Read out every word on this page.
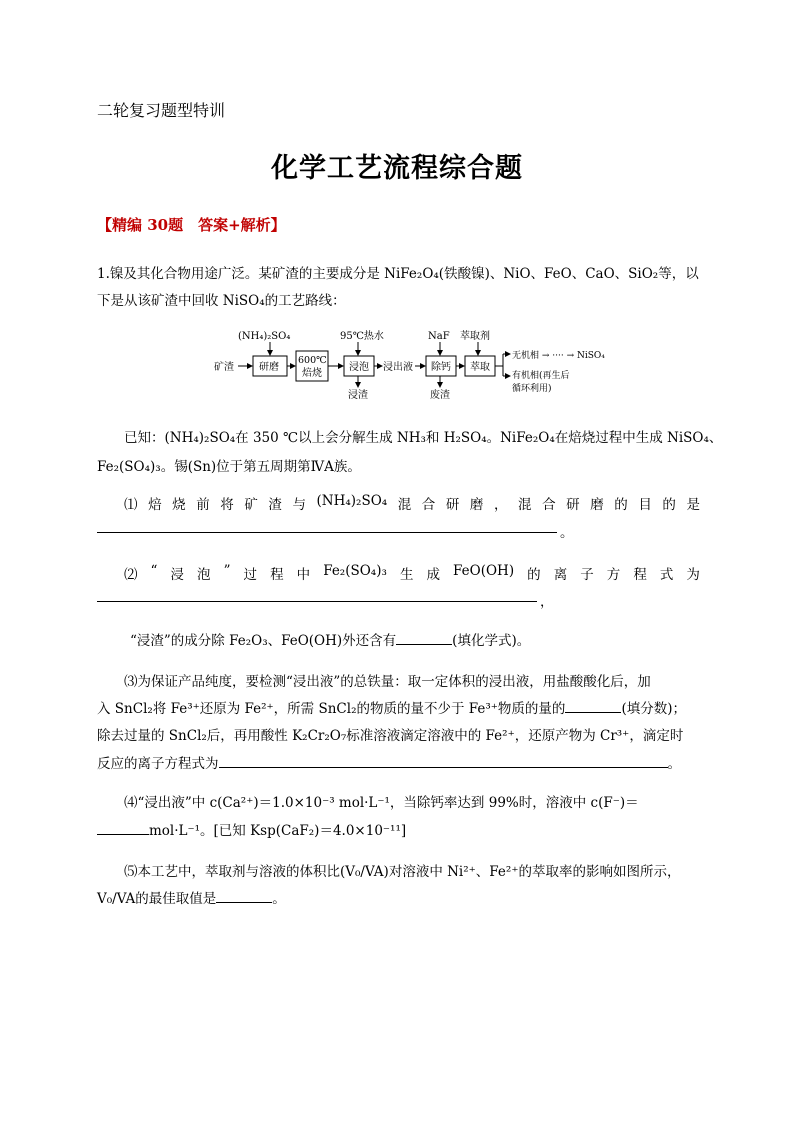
二轮复习题型特训
化学工艺流程综合题
【精编 30题　答案+解析】
1.镍及其化合物用途广泛。某矿渣的主要成分是 NiFe₂O₄(铁酸镍)、NiO、FeO、CaO、SiO₂等，以
下是从该矿渣中回收 NiSO₄的工艺路线：
矿渣	研磨
(NH₄)₂SO₄
600℃
焙烧
95℃热水
浸泡
浸渣
浸出液
NaF
除钙
废渣
萃取剂
萃取
无机相 → ···· → NiSO₄
有机相(再生后
循环利用)
已知：(NH₄)₂SO₄在 350 ℃以上会分解生成 NH₃和 H₂SO₄。NiFe₂O₄在焙烧过程中生成 NiSO₄、
Fe₂(SO₄)₃。锡(Sn)位于第五周期第ⅣA族。
⑴ 焙 烧 前 将 矿 渣 与 (NH₄)₂SO₄ 混 合 研 磨 ， 混 合 研 磨 的 目 的 是
。
⑵ “ 浸 泡 ” 过 程 中 Fe₂(SO₄)₃ 生 成 FeO(OH) 的 离 子 方 程 式 为
，
“浸渣”的成分除 Fe₂O₃、FeO(OH)外还含有	(填化学式)。
⑶为保证产品纯度，要检测“浸出液”的总铁量：取一定体积的浸出液，用盐酸酸化后，加
入 SnCl₂将 Fe³⁺还原为 Fe²⁺，所需 SnCl₂的物质的量不少于 Fe³⁺物质的量的	(填分数)；
除去过量的 SnCl₂后，再用酸性 K₂Cr₂O₇标准溶液滴定溶液中的 Fe²⁺，还原产物为 Cr³⁺，滴定时
反应的离子方程式为	。
⑷“浸出液”中 c(Ca²⁺)＝1.0×10⁻³ mol·L⁻¹，当除钙率达到 99%时，溶液中 c(F⁻)＝
mol·L⁻¹。[已知 Ksp(CaF₂)＝4.0×10⁻¹¹]
⑸本工艺中，萃取剂与溶液的体积比(V₀/VA)对溶液中 Ni²⁺、Fe²⁺的萃取率的影响如图所示，
V₀/VA的最佳取值是	。
